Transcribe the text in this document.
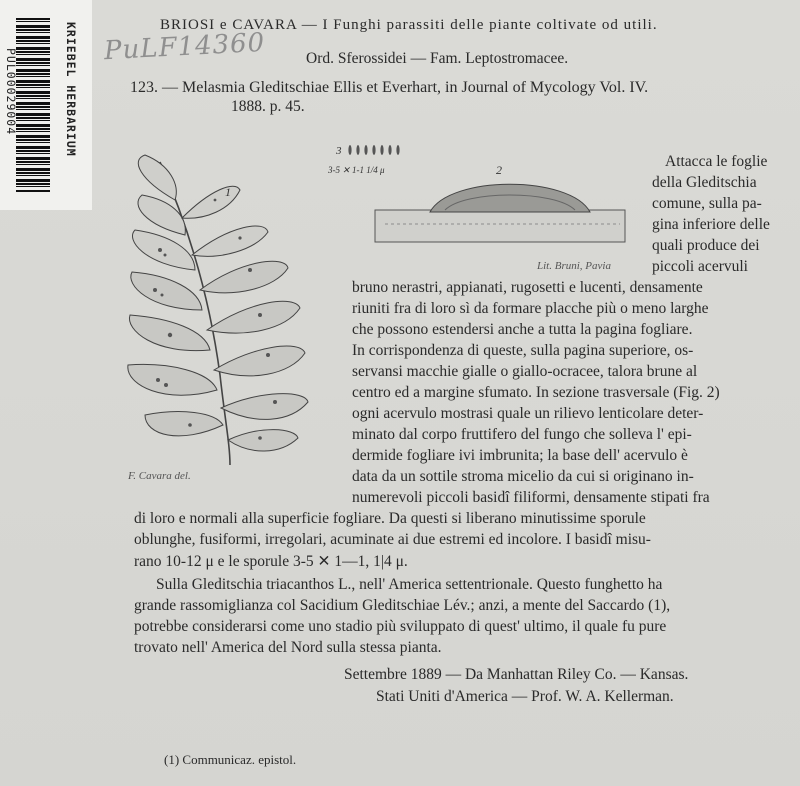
KRIEBEL HERBARIUM
PUL00029004
PuLF14360
BRIOSI e CAVARA — I Funghi parassiti delle piante coltivate od utili.
Ord. Sferossidei — Fam. Leptostromacee.
123. — Melasmia Gleditschiae Ellis et Everhart, in Journal of Mycology Vol. IV.
1888. p. 45.
1
3
3-5 ✕ 1-1 1/4 μ	2
F. Cavara del.
Lit. Bruni, Pavia
Attacca le foglie
della Gleditschia
comune, sulla pa-
gina inferiore delle
quali produce dei
piccoli acervuli
bruno nerastri, appianati, rugosetti e lucenti, densamente
riuniti fra di loro sì da formare placche più o meno larghe
che possono estendersi anche a tutta la pagina fogliare.
In corrispondenza di queste, sulla pagina superiore, os-
servansi macchie gialle o giallo-ocracee, talora brune al
centro ed a margine sfumato. In sezione trasversale (Fig. 2)
ogni acervulo mostrasi quale un rilievo lenticolare deter-
minato dal corpo fruttifero del fungo che solleva l' epi-
dermide fogliare ivi imbrunita; la base dell' acervulo è
data da un sottile stroma micelio da cui si originano in-
numerevoli piccoli basidî filiformi, densamente stipati fra
di loro e normali alla superficie fogliare. Da questi si liberano minutissime sporule
oblunghe, fusiformi, irregolari, acuminate ai due estremi ed incolore. I basidî misu-
rano 10-12 μ e le sporule 3-5 ✕ 1—1, 1|4 μ.
Sulla Gleditschia triacanthos L., nell' America settentrionale. Questo funghetto ha
grande rassomiglianza col Sacidium Gleditschiae Lév.; anzi, a mente del Saccardo (1),
potrebbe considerarsi come uno stadio più sviluppato di quest' ultimo, il quale fu pure
trovato nell' America del Nord sulla stessa pianta.
Settembre 1889 — Da Manhattan Riley Co. — Kansas.
Stati Uniti d'America — Prof. W. A. Kellerman.
(1) Communicaz. epistol.
